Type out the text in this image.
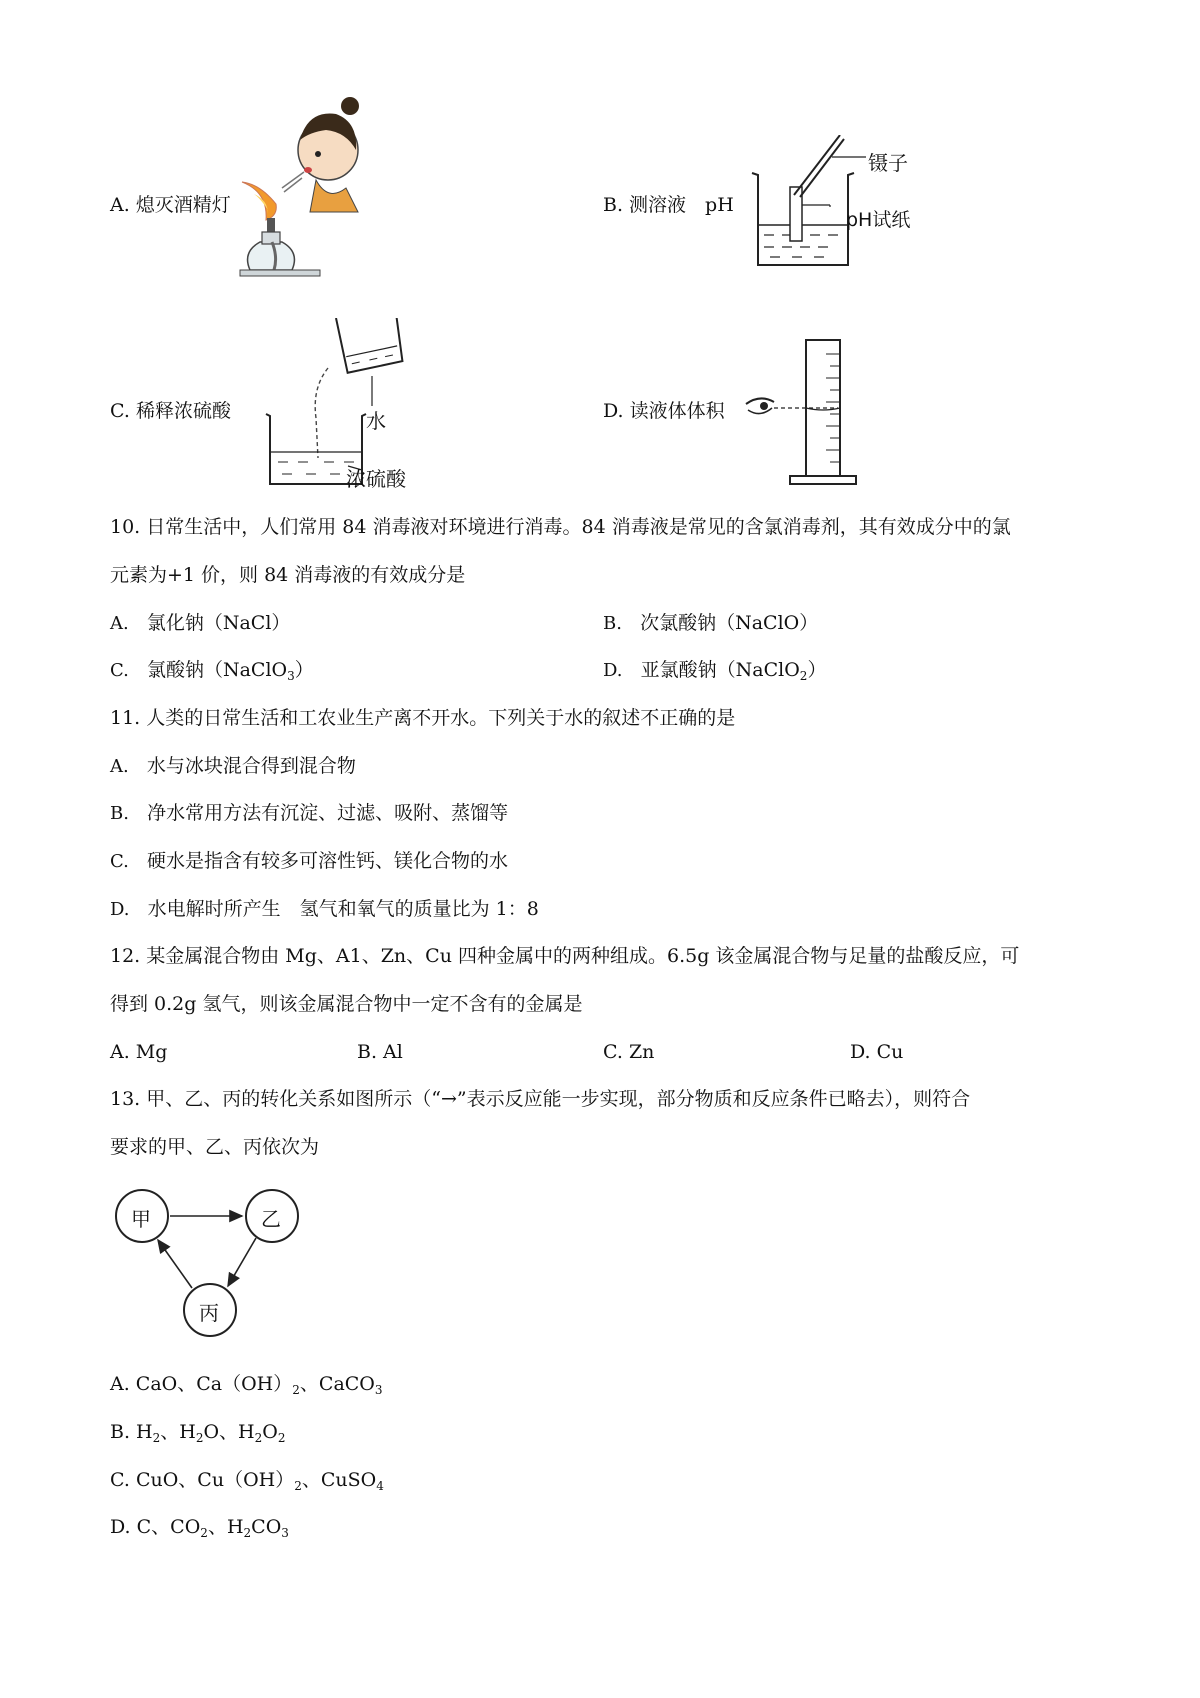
A. 熄灭酒精灯	B. 测溶液　pH
镊子
pH试纸
C. 稀释浓硫酸	水
浓硫酸
D. 读液体体积
10. 日常生活中，人们常用 84 消毒液对环境进行消毒。84 消毒液是常见的含氯消毒剂，其有效成分中的氯
元素为+1 价，则 84 消毒液的有效成分是
A. 氯化钠（NaCl）	B. 次氯酸钠（NaClO）
C. 氯酸钠（NaClO$_3$）	D. 亚氯酸钠（NaClO$_2$）
11. 人类的日常生活和工农业生产离不开水。下列关于水的叙述不正确的是
A. 水与冰块混合得到混合物
B. 净水常用方法有沉淀、过滤、吸附、蒸馏等
C. 硬水是指含有较多可溶性钙、镁化合物的水
D. 水电解时所产生　氢气和氧气的质量比为 1：8
12. 某金属混合物由 Mg、A1、Zn、Cu 四种金属中的两种组成。6.5g 该金属混合物与足量的盐酸反应，可
得到 0.2g 氢气，则该金属混合物中一定不含有的金属是
A. Mg	B. Al	C. Zn	D. Cu
13. 甲、乙、丙的转化关系如图所示（“→”表示反应能一步实现，部分物质和反应条件已略去），则符合
要求的甲、乙、丙依次为
甲	乙
丙
A. CaO、$Ca(OH)_2$、CaCO$_3$
B. $H_2$、$H_2O$、$H_2O_2$
C. CuO、$Cu(OH)_2$、CuSO$_4$
D. C、$CO_2$、$H_2CO_3$
